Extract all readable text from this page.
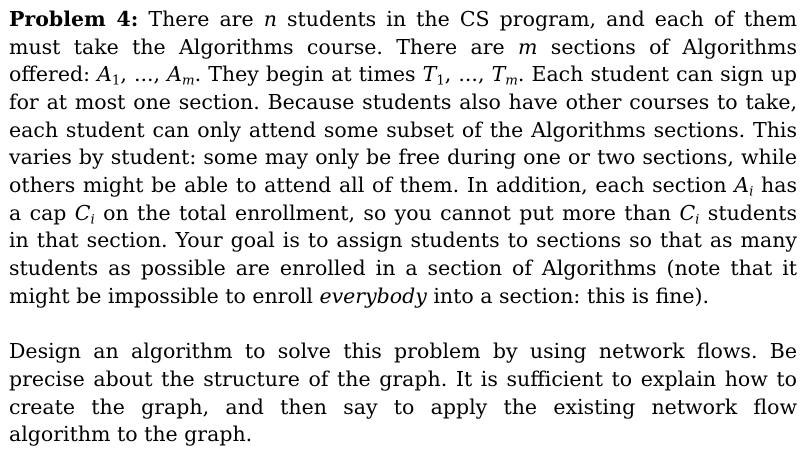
Problem 4: There are n students in the CS program, and each of them must take the Algorithms course. There are m sections of Algorithms offered: $A_1$, ..., $A_m$. They begin at times $T_1$, ..., $T_m$. Each student can sign up for at most one section. Because students also have other courses to take, each student can only attend some subset of the Algorithms sections. This varies by student: some may only be free during one or two sections, while others might be able to attend all of them. In addition, each section $A_i$ has a cap $C_i$ on the total enrollment, so you cannot put more than $C_i$ students in that section. Your goal is to assign students to sections so that as many students as possible are enrolled in a section of Algorithms (note that it might be impossible to enroll everybody into a section: this is fine).

Design an algorithm to solve this problem by using network flows. Be precise about the structure of the graph. It is sufficient to explain how to create the graph, and then say to apply the existing network flow algorithm to the graph.
